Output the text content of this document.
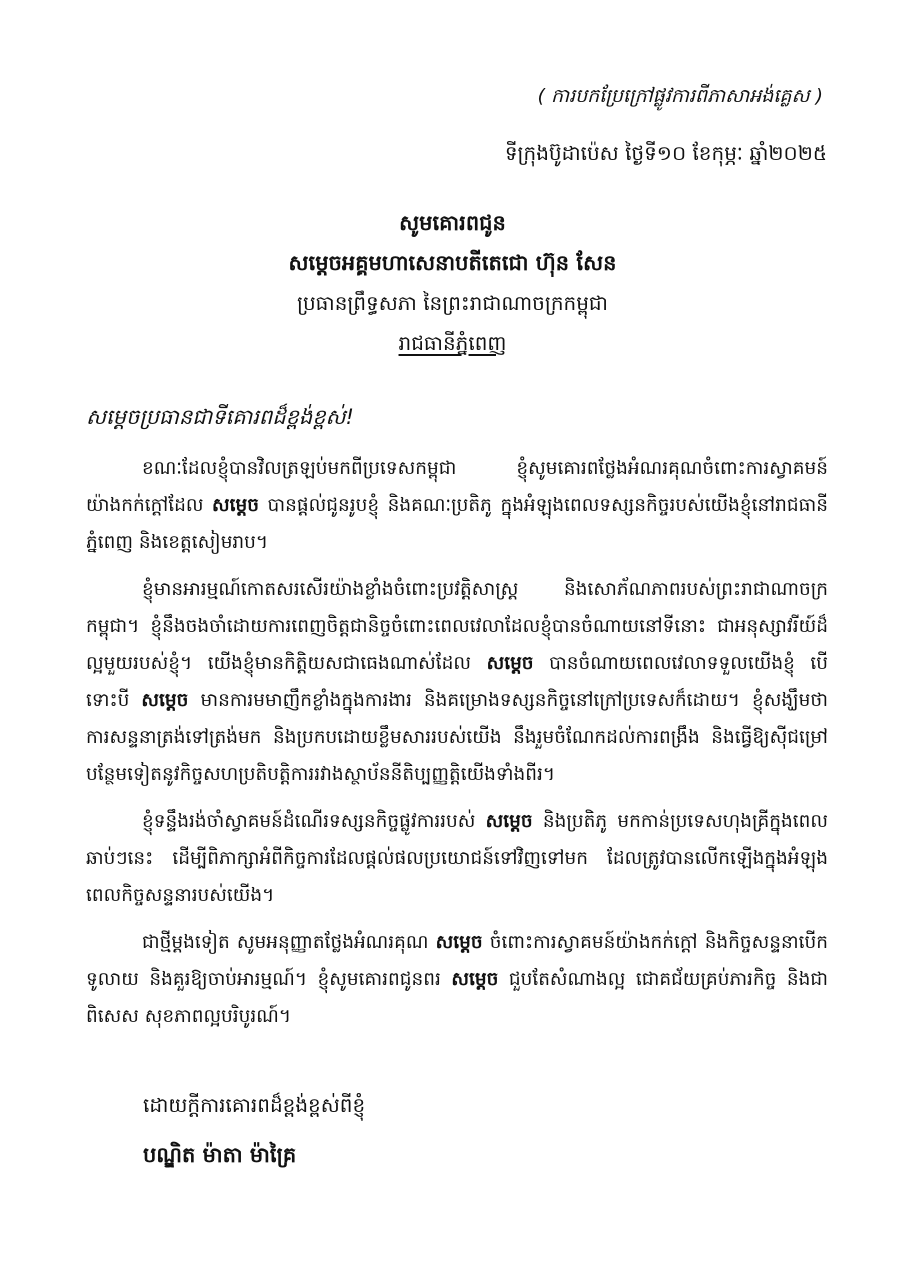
( ការបកប្រែក្រៅផ្លូវការពីភាសាអង់គ្លេស )
ទីក្រុងប៊ូដាប៉េស ថ្ងៃទី១០ ខែកុម្ភៈ ឆ្នាំ២០២៥
សូមគោរពជូន
សម្តេចអគ្គមហាសេនាបតីតេជោ ហ៊ុន សែន
ប្រធានព្រឹទ្ធសភា នៃព្រះរាជាណាចក្រកម្ពុជា
រាជធានីភ្នំពេញ
សម្តេចប្រធានជាទីគោរពដ៏ខ្ពង់ខ្ពស់!

ខណៈដែលខ្ញុំបានវិលត្រឡប់មកពីប្រទេសកម្ពុជា ខ្ញុំសូមគោរពថ្លែងអំណរគុណចំពោះការស្វាគមន៍យ៉ាងកក់ក្តៅដែល សម្តេច បានផ្តល់ជូនរូបខ្ញុំ និងគណៈប្រតិភូ ក្នុងអំឡុងពេលទស្សនកិច្ចរបស់យើងខ្ញុំនៅរាជធានីភ្នំពេញ និងខេត្តសៀមរាប។

ខ្ញុំមានអារម្មណ៍កោតសរសើរយ៉ាងខ្លាំងចំពោះប្រវត្តិសាស្ត្រ និងសោភ័ណភាពរបស់ព្រះរាជាណាចក្រកម្ពុជា។ ខ្ញុំនឹងចងចាំដោយការពេញចិត្តជានិច្ចចំពោះពេលវេលាដែលខ្ញុំបានចំណាយនៅទីនោះ ជាអនុស្សាវរីយ៍ដ៏ល្អមួយរបស់ខ្ញុំ។ យើងខ្ញុំមានកិត្តិយសជាធេងណាស់ដែល សម្តេច បានចំណាយពេលវេលាទទួលយើងខ្ញុំ បើទោះបី សម្តេច មានការមមាញឹកខ្លាំងក្នុងការងារ និងគម្រោងទស្សនកិច្ចនៅក្រៅប្រទេសក៏ដោយ។ ខ្ញុំសង្ឃឹមថា ការសន្ទនាត្រង់ទៅត្រង់មក និងប្រកបដោយខ្លឹមសាររបស់យើង នឹងរួមចំណែកដល់ការពង្រឹង និងធ្វើឱ្យស៊ីជម្រៅបន្ថែមទៀតនូវកិច្ចសហប្រតិបត្តិការរវាងស្ថាប័ននីតិប្បញ្ញត្តិយើងទាំងពីរ។

ខ្ញុំទន្ទឹងរង់ចាំស្វាគមន៍ដំណើរទស្សនកិច្ចផ្លូវការរបស់ សម្តេច និងប្រតិភូ មកកាន់ប្រទេសហុងគ្រីក្នុងពេលឆាប់ៗនេះ ដើម្បីពិភាក្សាអំពីកិច្ចការដែលផ្តល់ផលប្រយោជន៍ទៅវិញទៅមក ដែលត្រូវបានលើកឡើងក្នុងអំឡុងពេលកិច្ចសន្ទនារបស់យើង។

ជាថ្មីម្តងទៀត សូមអនុញ្ញាតថ្លែងអំណរគុណ សម្តេច ចំពោះការស្វាគមន៍យ៉ាងកក់ក្តៅ និងកិច្ចសន្ទនាបើកទូលាយ និងគួរឱ្យចាប់អារម្មណ៍។ ខ្ញុំសូមគោរពជូនពរ សម្តេច ជួបតែសំណាងល្អ ជោគជ័យគ្រប់ភារកិច្ច និងជាពិសេស សុខភាពល្អបរិបូរណ៍។

ដោយក្តីការគោរពដ៏ខ្ពង់ខ្ពស់ពីខ្ញុំ
បណ្ឌិត ម៉ាតា ម៉ាគ្រៃ
